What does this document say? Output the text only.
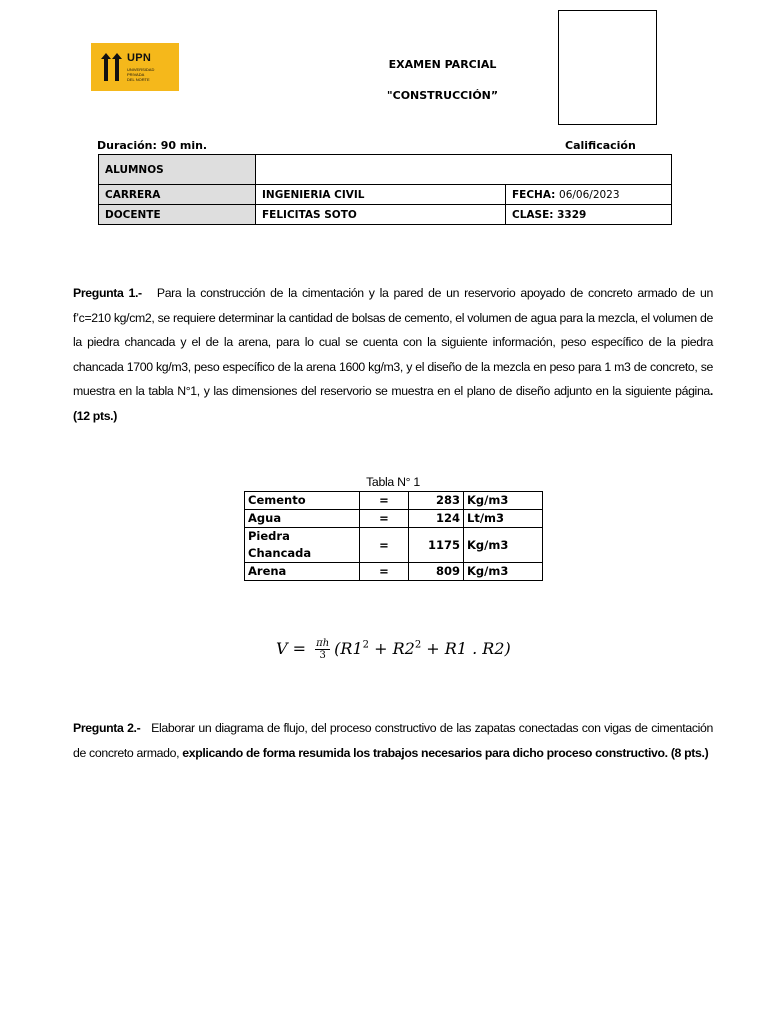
UPN
UNIVERSIDAD
PRIVADA
DEL NORTE
EXAMEN PARCIAL
"CONSTRUCCIÓN”
Duración: 90 min.	Calificación
ALUMNOS		
CARRERA	INGENIERIA CIVIL	FECHA: 06/06/2023
DOCENTE	FELICITAS SOTO	CLASE: 3329
Pregunta 1.- Para la construcción de la cimentación y la pared de un reservorio apoyado de concreto armado de un f’c=210 kg/cm2, se requiere determinar la cantidad de bolsas de cemento, el volumen de agua para la mezcla, el volumen de la piedra chancada y el de la arena, para lo cual se cuenta con la siguiente información, peso específico de la piedra chancada 1700 kg/m3, peso específico de la arena 1600 kg/m3, y el diseño de la mezcla en peso para 1 m3 de concreto, se muestra en la tabla N°1, y las dimensiones del reservorio se muestra en el plano de diseño adjunto en la siguiente página. (12 pts.)
Tabla N° 1
Cemento	=	283	Kg/m3
Agua	=	124	Lt/m3
Piedra Chancada	=	1175	Kg/m3
Arena	=	809	Kg/m3
$V = \frac{\pi h}{3} (R1^2 + R2^2 + R1$ . R2)
Pregunta 2.- Elaborar un diagrama de flujo, del proceso constructivo de las zapatas conectadas con vigas de cimentación de concreto armado, explicando de forma resumida los trabajos necesarios para dicho proceso constructivo. (8 pts.)
